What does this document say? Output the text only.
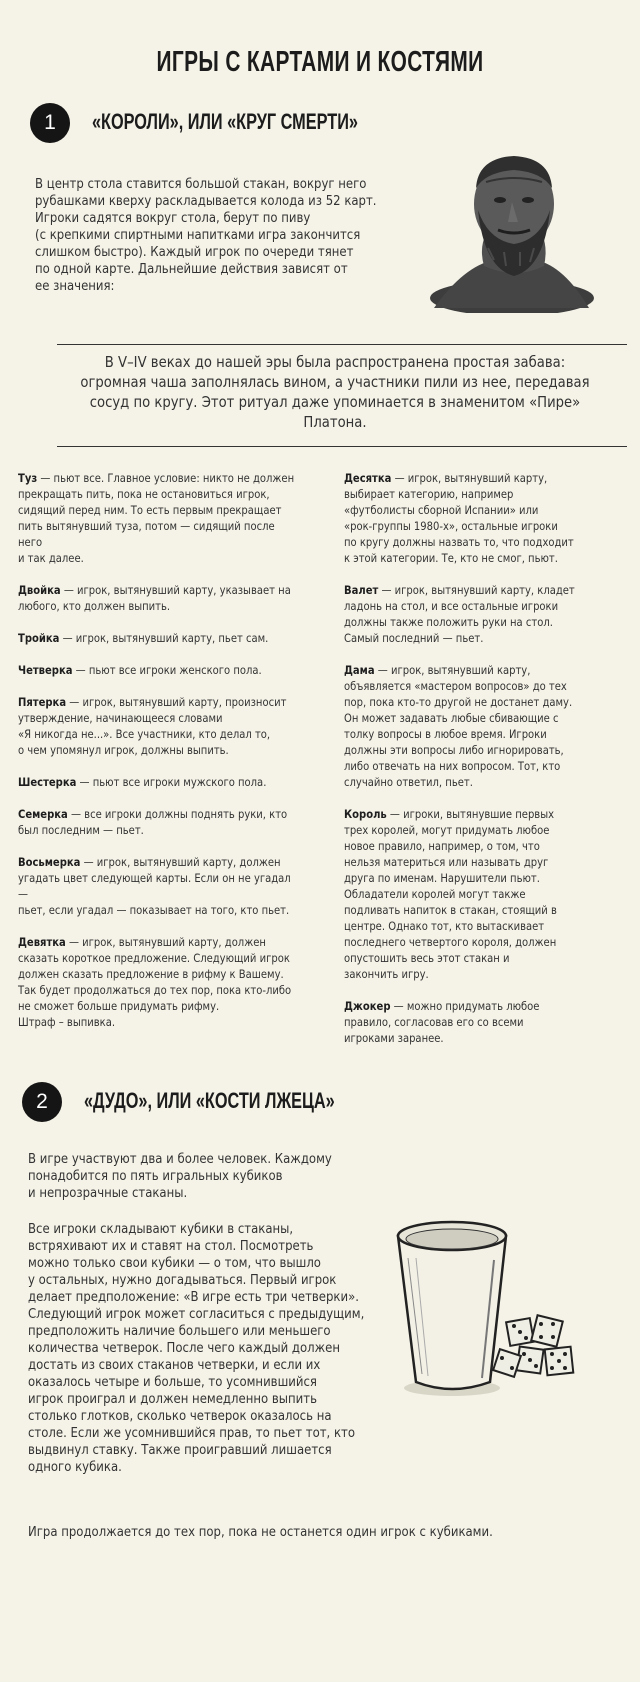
ИГРЫ С КАРТАМИ И КОСТЯМИ
1	«КОРОЛИ», ИЛИ «КРУГ СМЕРТИ»
В центр стола ставится большой стакан, вокруг него
рубашками кверху раскладывается колода из 52 карт.
Игроки садятся вокруг стола, берут по пиву
(с крепкими спиртными напитками игра закончится
слишком быстро). Каждый игрок по очереди тянет
по одной карте. Дальнейшие действия зависят от
ее значения:
В V–IV веках до нашей эры была распространена простая забава:
огромная чаша заполнялась вином, а участники пили из нее, передавая
сосуд по кругу. Этот ритуал даже упоминается в знаменитом «Пире»
Платона.
Туз — пьют все. Главное условие: никто не должен
прекращать пить, пока не остановиться игрок,
сидящий перед ним. То есть первым прекращает
пить вытянувший туза, потом — сидящий после него
и так далее.
Двойка — игрок, вытянувший карту, указывает на
любого, кто должен выпить.
Тройка — игрок, вытянувший карту, пьет сам.
Четверка — пьют все игроки женского пола.
Пятерка — игрок, вытянувший карту, произносит
утверждение, начинающееся словами
«Я никогда не...». Все участники, кто делал то,
о чем упомянул игрок, должны выпить.
Шестерка — пьют все игроки мужского пола.
Семерка — все игроки должны поднять руки, кто
был последним — пьет.
Восьмерка — игрок, вытянувший карту, должен
угадать цвет следующей карты. Если он не угадал —
пьет, если угадал — показывает на того, кто пьет.
Девятка — игрок, вытянувший карту, должен
сказать короткое предложение. Следующий игрок
должен сказать предложение в рифму к Вашему.
Так будет продолжаться до тех пор, пока кто-либо
не сможет больше придумать рифму.
Штраф – выпивка.
Десятка — игрок, вытянувший карту,
выбирает категорию, например
«футболисты сборной Испании» или
«рок-группы 1980-х», остальные игроки
по кругу должны назвать то, что подходит
к этой категории. Те, кто не смог, пьют.
Валет — игрок, вытянувший карту, кладет
ладонь на стол, и все остальные игроки
должны также положить руки на стол.
Самый последний — пьет.
Дама — игрок, вытянувший карту,
объявляется «мастером вопросов» до тех
пор, пока кто-то другой не достанет даму.
Он может задавать любые сбивающие с
толку вопросы в любое время. Игроки
должны эти вопросы либо игнорировать,
либо отвечать на них вопросом. Тот, кто
случайно ответил, пьет.
Король — игроки, вытянувшие первых
трех королей, могут придумать любое
новое правило, например, о том, что
нельзя материться или называть друг
друга по именам. Нарушители пьют.
Обладатели королей могут также
подливать напиток в стакан, стоящий в
центре. Однако тот, кто вытаскивает
последнего четвертого короля, должен
опустошить весь этот стакан и
закончить игру.
Джокер — можно придумать любое
правило, согласовав его со всеми
игроками заранее.
2	«ДУДО», ИЛИ «КОСТИ ЛЖЕЦА»
В игре участвуют два и более человек. Каждому
понадобится по пять игральных кубиков
и непрозрачные стаканы.
Все игроки складывают кубики в стаканы,
встряхивают их и ставят на стол. Посмотреть
можно только свои кубики — о том, что вышло
у остальных, нужно догадываться. Первый игрок
делает предположение: «В игре есть три четверки».
Следующий игрок может согласиться с предыдущим,
предположить наличие большего или меньшего
количества четверок. После чего каждый должен
достать из своих стаканов четверки, и если их
оказалось четыре и больше, то усомнившийся
игрок проиграл и должен немедленно выпить
столько глотков, сколько четверок оказалось на
столе. Если же усомнившийся прав, то пьет тот, кто
выдвинул ставку. Также проигравший лишается
одного кубика.
Игра продолжается до тех пор, пока не останется один игрок с кубиками.
